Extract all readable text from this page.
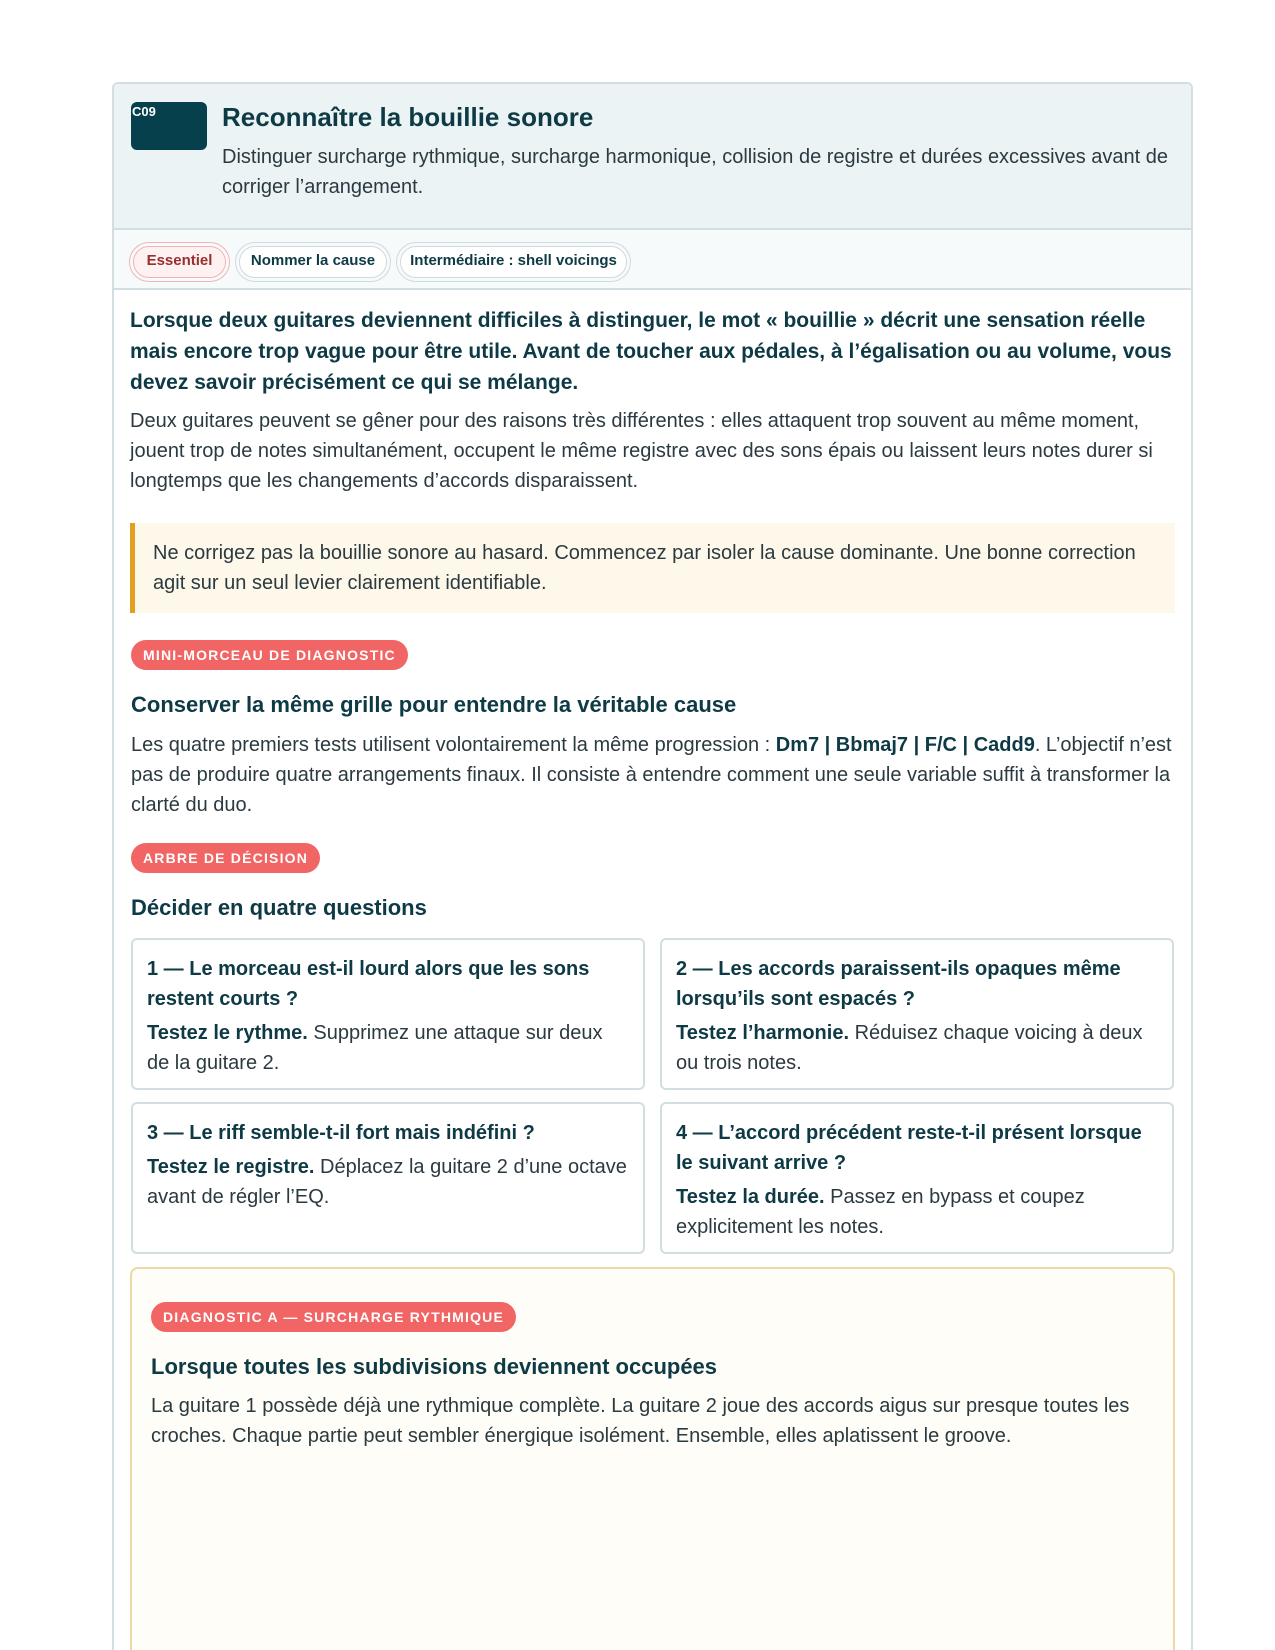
C09	Reconnaître la bouillie sonore
Distinguer surcharge rythmique, surcharge harmonique, collision de registre et durées excessives avant de corriger l’arrangement.
Essentiel	Nommer la cause	Intermédiaire : shell voicings

Lorsque deux guitares deviennent difficiles à distinguer, le mot « bouillie » décrit une sensation réelle mais encore trop vague pour être utile. Avant de toucher aux pédales, à l’égalisation ou au volume, vous devez savoir précisément ce qui se mélange.

Deux guitares peuvent se gêner pour des raisons très différentes : elles attaquent trop souvent au même moment, jouent trop de notes simultanément, occupent le même registre avec des sons épais ou laissent leurs notes durer si longtemps que les changements d’accords disparaissent.

Ne corrigez pas la bouillie sonore au hasard. Commencez par isoler la cause dominante. Une bonne correction agit sur un seul levier clairement identifiable.
MINI-MORCEAU DE DIAGNOSTIC
Conserver la même grille pour entendre la véritable cause

Les quatre premiers tests utilisent volontairement la même progression : Dm7 | Bbmaj7 | F/C | Cadd9. L’objectif n’est pas de produire quatre arrangements finaux. Il consiste à entendre comment une seule variable suffit à transformer la clarté du duo.

ARBRE DE DÉCISION
Décider en quatre questions
1 — Le morceau est-il lourd alors que les sons restent courts ?
Testez le rythme. Supprimez une attaque sur deux de la guitare 2.
2 — Les accords paraissent-ils opaques même lorsqu’ils sont espacés ?
Testez l’harmonie. Réduisez chaque voicing à deux ou trois notes.
3 — Le riff semble-t-il fort mais indéfini ?
Testez le registre. Déplacez la guitare 2 d’une octave avant de régler l’EQ.
4 — L’accord précédent reste-t-il présent lorsque le suivant arrive ?
Testez la durée. Passez en bypass et coupez explicitement les notes.
DIAGNOSTIC A — SURCHARGE RYTHMIQUE
Lorsque toutes les subdivisions deviennent occupées

La guitare 1 possède déjà une rythmique complète. La guitare 2 joue des accords aigus sur presque toutes les croches. Chaque partie peut sembler énergique isolément. Ensemble, elles aplatissent le groove.
